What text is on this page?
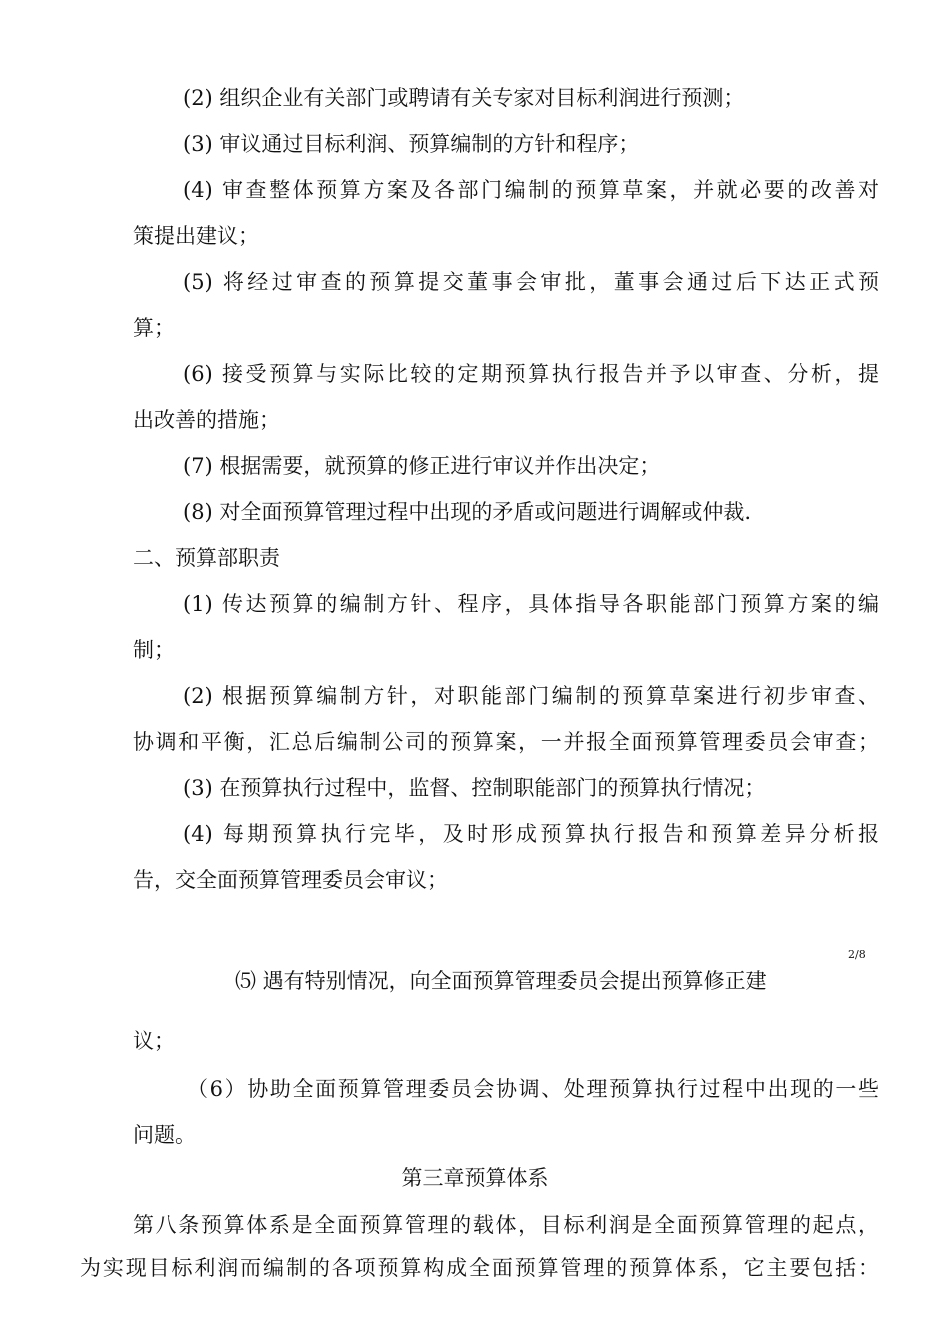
(2) 组织企业有关部门或聘请有关专家对目标利润进行预测；

(3) 审议通过目标利润、预算编制的方针和程序；

(4) 审查整体预算方案及各部门编制的预算草案，并就必要的改善对

策提出建议；

(5) 将经过审查的预算提交董事会审批，董事会通过后下达正式预

算；

(6) 接受预算与实际比较的定期预算执行报告并予以审查、分析，提

出改善的措施；

(7) 根据需要，就预算的修正进行审议并作出决定；

(8) 对全面预算管理过程中出现的矛盾或问题进行调解或仲裁.

二、预算部职责

(1) 传达预算的编制方针、程序，具体指导各职能部门预算方案的编

制；

(2) 根据预算编制方针，对职能部门编制的预算草案进行初步审查、

协调和平衡，汇总后编制公司的预算案，一并报全面预算管理委员会审查；

(3) 在预算执行过程中，监督、控制职能部门的预算执行情况；

(4) 每期预算执行完毕，及时形成预算执行报告和预算差异分析报

告，交全面预算管理委员会审议；

2/8

⑸ 遇有特别情况，向全面预算管理委员会提出预算修正建

议；

（6）协助全面预算管理委员会协调、处理预算执行过程中出现的一些

问题。

第三章预算体系

第八条预算体系是全面预算管理的载体，目标利润是全面预算管理的起点，

为实现目标利润而编制的各项预算构成全面预算管理的预算体系，它主要包括：
